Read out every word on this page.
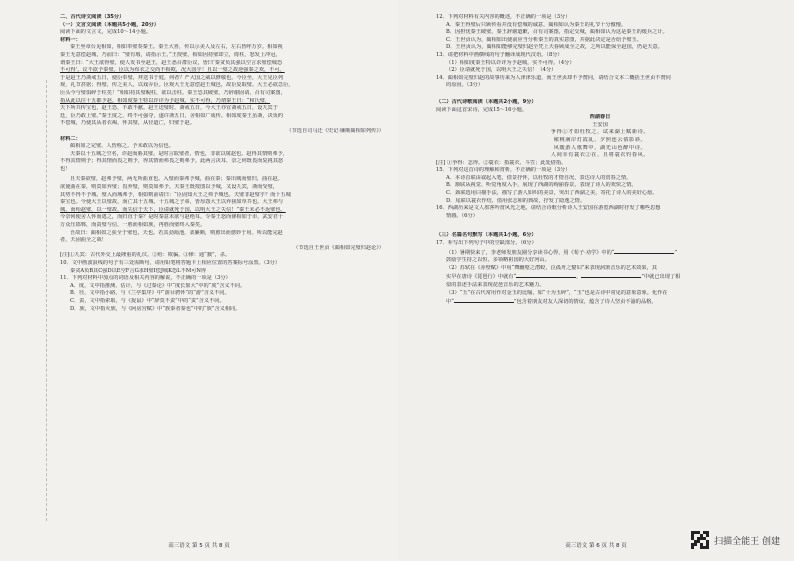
二、古代诗文阅读（35分）

（一）文言文阅读（本题共5小题，20分）

阅读下面的文言文，完成10～14小题。

材料一：

秦王坐章台见相如，相如奉璧奏秦王。秦王大喜，传以示美人及左右，左右皆呼万岁。相如视

秦王无意偿赵城，乃前曰：“璧有瑕，请指示王。”王授璧，相如因持璧却立，倚柱，怒发上冲冠，

谓秦王曰：“大王欲得璧，使人发书至赵王，赵王悉召群臣议，皆曰‘秦贪负其强以空言求璧偿城恐

不可得’。议不欲予秦璧。臣以为布衣之交尚不相欺，况大国乎！且以一璧之故逆强秦之欢，不可。

于是赵王乃斋戒五日，使臣奉璧，拜送书于庭。何者？严大国之威以修敬也。今臣至，大王见臣列

观，礼节甚倨；得璧，传之美人，以戏弄臣。臣观大王无意偿赵王城邑，故臣复取璧。大王必欲急臣，

臣头今与璧俱碎于柱矣！”相如持其璧睨柱，欲以击柱。秦王恐其破璧，乃辞谢固请，召有司案图，

指从此以往十五都予赵。相如度秦王特以诈详为予赵城，实不可得，乃谓秦王曰：“和氏璧，

天下所共传宝也，赵王恐，不敢不献。赵王送璧时，斋戒五日，今大王亦宜斋戒五日，设九宾于

廷，臣乃敢上璧。”秦王度之，终不可强夺，遂许斋五日，舍相如广成传。相如度秦王虽斋，决负约

不偿城，乃使其从者衣褐，怀其璧，从径道亡，归璧于赵。

（节选自司马迁《史记·廉颇蔺相如列传》）

材料二：

蔺相如之完璧，人皆称之。予未敢以为信也。

夫秦以十五城之空名，诈赵而胁其璧。是时言取璧者，情也，非欲以窥赵也。赵得其情则弗予，

不得其情则予；得其情而畏之则予，得其情而弗畏之则弗予。此两言决耳，奈之何既畏而复挑其怒

也！

且夫秦欲璧，赵弗予璧，两无所曲直也。入璧而秦弗予城，曲在秦；秦出城而璧归，曲在赵。

欲使曲在秦，则莫如弃璧；畏弃璧，则莫如弗予。夫秦王既按图以予城，又设九宾，斋而受璧，

其势不得不予城。璧入而城弗予，相如则前请曰：“臣固知大王之弗予城也。夫璧非赵璧乎？而十五城

秦宝也。今使大王以璧故，而亡其十五城，十五城之子弟，皆厚怨大王以弃我如草芥也。大王弗与

城，而绐赵璧，以一璧故，而失信于天下，臣请就死于国，以明大王之失信！”秦王未必不返璧也。

今奈何使舍人怀而逃之，而归直于秦？是时秦意未欲与赵绝耳。令秦王怒而僇相如于市，武安君十

万众压邯郸，而责璧与信，一胜而相如族，再胜而璧终入秦矣。

吾故曰：蔺相如之获全于璧也，天也。若其劲渑池，柔廉颇，则愈出而愈妙于用。所以能完赵

者，天固曲全之哉！

（节选自王世贞《蔺相如完璧归赵论》）

[注]①九宾：古代外交上最隆重的礼仪。②绐：欺骗。③僇：通“戮”，杀。

10．文中画波浪线的句子有三处需断句，请用铅笔将答题卡上相应位置的答案标号涂黑。（3分）

秦贪A负B其C强D以E空F言G求H璧I偿J城K恐L不M可N得

11．下列对材料中加点的词语及相关内容的解说，不正确的一项是（3分）

A．度，文中指推测、估计，与《过秦论》中“度长絜大”中的“度”含义不同。

B．径，文中指小路，与《兰亭集序》中“游目骋怀”的“游”含义不同。

C．责，文中指索取，与《捉鼠》中“辞莫不责”中的“责”含义不同。

D．族，文中指灭族，与《阿房宫赋》中“族秦者秦也”中的“族”含义相同。

高三语文 第 5 页 共 8 页

12．下列对材料有关内容的概述，不正确的一项是（3分）

A．秦王得璧后只顾传看并没有偿城的诚意，蔺相如认为秦王的礼节十分傲慢。

B．因担忧秦王破璧，秦王辞谢道歉，召有司案图，指定交城，蔺相如认为这是秦王的缓兵之计。

C．王世贞认为，蔺相如出使前应当分析秦王的真实意图，并据此决定是否给予璧玉。

D．王世贞认为，蔺相如能够完璧归赵全凭上天眷顾成全之故，之所以能保全赵国，仍是天意。

13．请把材料中画横线的句子翻译成现代汉语。（8分）

（1）相如度秦王特以诈详为予赵城，实不可得。（4分）

（2）臣请就死于国，以明大王之失信！（4分）

14．蔺相如完璧归赵的故事历来为人津津乐道，而王世贞却不予赞同，请结合文本二概括王世贞不赞同

的原因。（3分）

（二）古代诗歌阅读（本题共2小题，9分）

阅读下面这首宋诗，完成15～16小题。

西湖春日

王安国

争得①才如杜牧之，试来湖上赋新诗。

秾桃满岸灯霞乱，夕照连云倩影斜。

风暖游人歌舞中，湖光山色醉中诗。

人间幸有蓑衣②在，且将蓑衣钓春风。

[注] ①争得：怎得。②蓑衣：指蓑衣、斗笠；此处借指。

15．下列对这首诗的理解和赏析，不正确的一项是（3分）

A．本诗首联由叙起入笔，借景抒怀，以杜牧的才情自况，表达诗人的赏春之情。

B．颔联从视觉、听觉角度入手，展现了西湖的绚丽春景，表现了诗人的欢快之情。

C．颈联选用白描手法，描写了游人如织的美景，突出了西湖之美，寄托了诗人的美好心愿。

D．尾联以蓑衣作结，借用张志和的典故，抒发了隐逸之情。

16．西湖历来是文人墨客吟赏风光之地，请结合诗歌分析诗人王安国在游览西湖时抒发了哪些思想

情感。（6分）

（三）名篇名句默写（本题共1小题，6分）

17．补写出下列句子中的空缺部分。（6分）

（1）暑期快来了，李老师发朋友圈分享读书心得，用《荀子·劝学》中的“	”

鼓励学生持之以恒，多领略祖国的大好河山。

（2）苏轼在《赤壁赋》中用“舞幽壑之潜蛟，泣孤舟之嫠妇”来表现洞箫音乐的艺术效果，其

实早在唐诗《琵琶行》中就有“	，	”中就已出现了相

似的表述手法来表现琵琶音乐的艺术魅力。

（3）“玉”在古代常用作对金玉的比喻，如“十为玉碎”，“玉”也是古诗中常见的意象意象。化作在

中“	”包含着朋友对友人深切的情谊，蕴含了诗人坚贞不渝的品格。

高三语文 第 6 页 共 8 页	扫描全能王 创建
